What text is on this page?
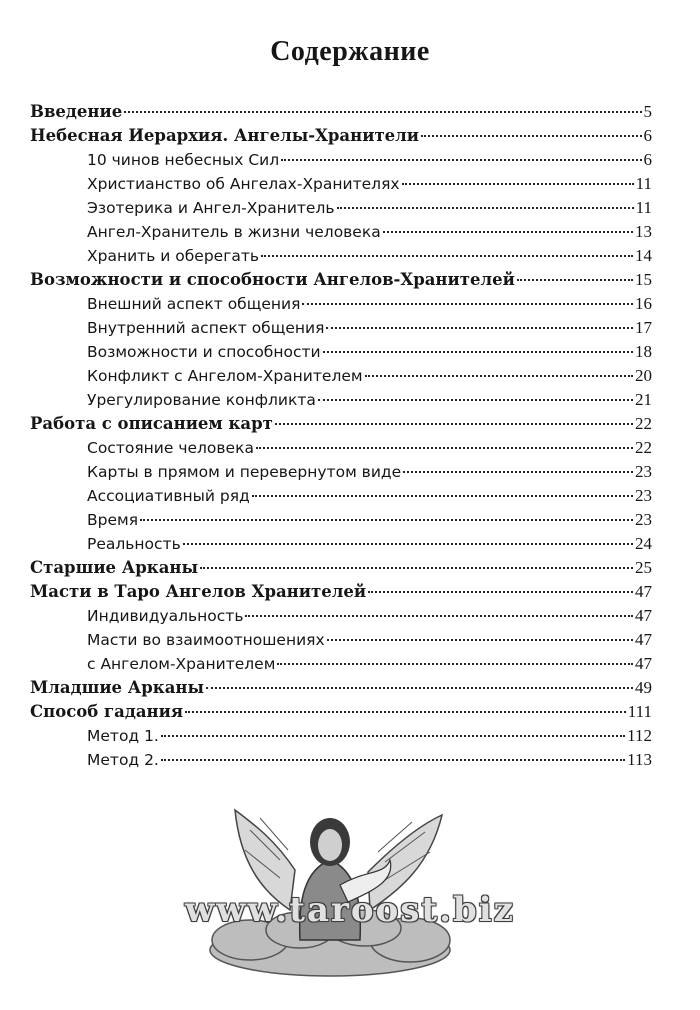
Содержание
Введение	5
Небесная Иерархия. Ангелы-Хранители	6
10 чинов небесных Сил	6
Христианство об Ангелах-Хранителях	11
Эзотерика и Ангел-Хранитель	11
Ангел-Хранитель в жизни человека	13
Хранить и оберегать	14
Возможности и способности Ангелов-Хранителей	15
Внешний аспект общения	16
Внутренний аспект общения	17
Возможности и способности	18
Конфликт с Ангелом-Хранителем	20
Урегулирование конфликта	21
Работа с описанием карт	22
Состояние человека	22
Карты в прямом и перевернутом виде	23
Ассоциативный ряд	23
Время	23
Реальность	24
Старшие Арканы	25
Масти в Таро Ангелов Хранителей	47
Индивидуальность	47
Масти во взаимоотношениях	47
с Ангелом-Хранителем	47
Младшие Арканы	49
Способ гадания	111
Метод 1.	112
Метод 2.	113
www.taroost.biz
